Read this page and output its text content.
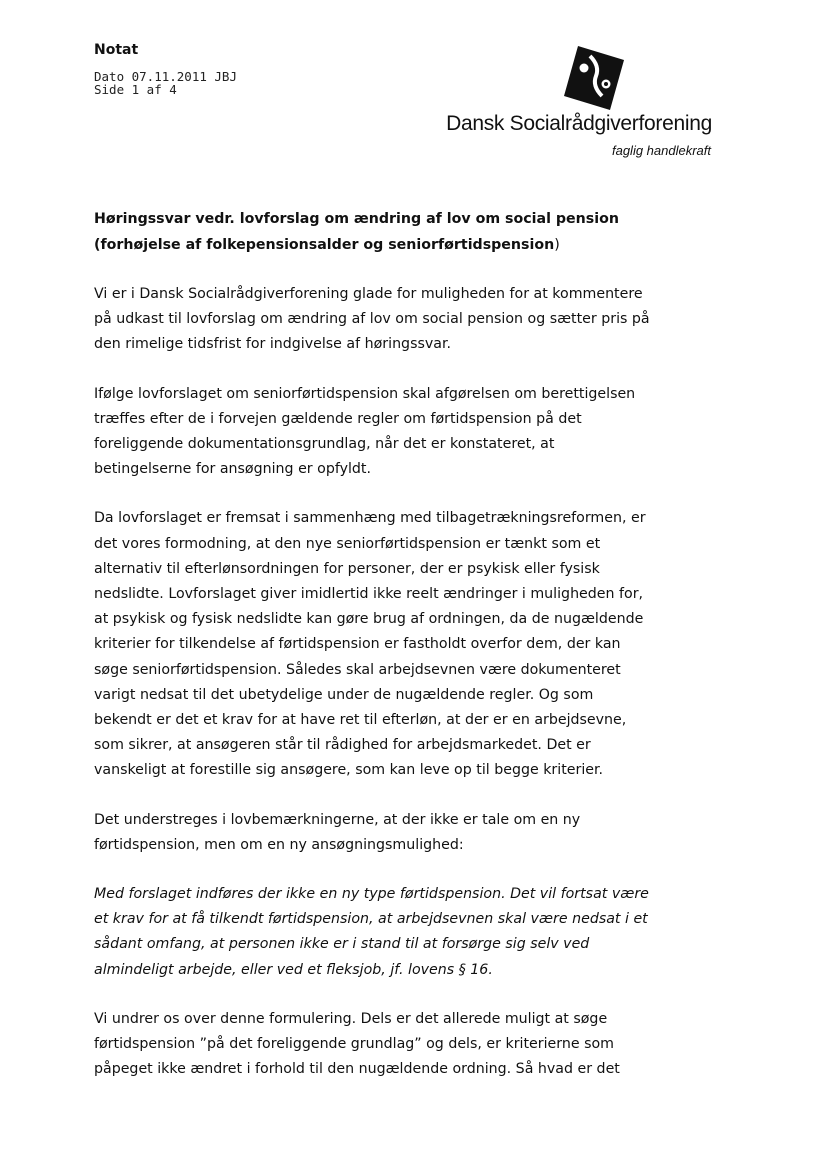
Notat
Dato 07.11.2011 JBJ
Side 1 af 4
Dansk Socialrådgiverforening
faglig handlekraft
Høringssvar vedr. lovforslag om ændring af lov om social pension
(forhøjelse af folkepensionsalder og seniorførtidspension)

Vi er i Dansk Socialrådgiverforening glade for muligheden for at kommentere på udkast til lovforslag om ændring af lov om social pension og sætter pris på den rimelige tidsfrist for indgivelse af høringssvar.

Ifølge lovforslaget om seniorførtidspension skal afgørelsen om berettigelsen træffes efter de i forvejen gældende regler om førtidspension på det foreliggende dokumentationsgrundlag, når det er konstateret, at betingelserne for ansøgning er opfyldt.

Da lovforslaget er fremsat i sammenhæng med tilbagetrækningsreformen, er det vores formodning, at den nye seniorførtidspension er tænkt som et alternativ til efterlønsordningen for personer, der er psykisk eller fysisk nedslidte. Lovforslaget giver imidlertid ikke reelt ændringer i muligheden for, at psykisk og fysisk nedslidte kan gøre brug af ordningen, da de nugældende kriterier for tilkendelse af førtidspension er fastholdt overfor dem, der kan søge seniorførtidspension. Således skal arbejdsevnen være dokumenteret varigt nedsat til det ubetydelige under de nugældende regler. Og som bekendt er det et krav for at have ret til efterløn, at der er en arbejdsevne, som sikrer, at ansøgeren står til rådighed for arbejdsmarkedet. Det er vanskeligt at forestille sig ansøgere, som kan leve op til begge kriterier.

Det understreges i lovbemærkningerne, at der ikke er tale om en ny førtidspension, men om en ny ansøgningsmulighed:

Med forslaget indføres der ikke en ny type førtidspension. Det vil fortsat være et krav for at få tilkendt førtidspension, at arbejdsevnen skal være nedsat i et sådant omfang, at personen ikke er i stand til at forsørge sig selv ved almindeligt arbejde, eller ved et fleksjob, jf. lovens § 16.

Vi undrer os over denne formulering. Dels er det allerede muligt at søge førtidspension ”på det foreliggende grundlag” og dels, er kriterierne som påpeget ikke ændret i forhold til den nugældende ordning. Så hvad er det
